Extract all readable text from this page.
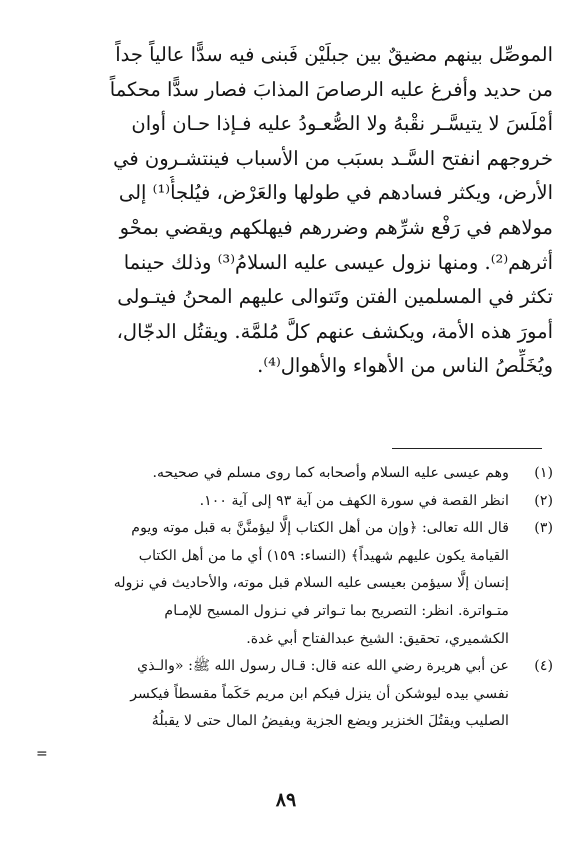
الموصِّل بينهم مضيقٌ بين جبلَيْن فَبنى فيه سدًّا عالياً جداً
من حديد وأفرغ عليه الرصاصَ المذابَ فصار سدًّا محكماً
أمْلَسَ لا يتيسَّـر نقْبهُ ولا الصُّعـودُ عليه فـإذا حـان أوان
خروجهم انفتح السَّـد بسبَب من الأسباب فينتشـرون في
الأرض، ويكثر فسادهم في طولها والعَرْض، فيُلجأُ⁽¹⁾ إلى
مولاهم في رَفْع شرِّهم وضررهم فيهلكهم ويقضي بمحْو
أثرهم⁽²⁾. ومنها نزول عيسى عليه السلامُ⁽³⁾ وذلك حينما
تكثر في المسلمين الفتن وتَتوالى عليهم المحنُ فيتـولى
أمورَ هذه الأمة، ويكشف عنهم كلَّ مُلمَّة. ويقتُل الدجّال،
ويُخَلِّصُ الناس من الأهواء والأهوال⁽⁴⁾.
(١)
وهم عيسى عليه السلام وأصحابه كما روى مسلم في صحيحه.
(٢)
انظر القصة في سورة الكهف من آية ٩٣ إلى آية ١٠٠.
(٣)
قال الله تعالى: ﴿وإن من أهل الكتاب إلَّا ليؤمنَّنَّ به قبل موته ويوم
القيامة يكون عليهم شهيداً﴾ (النساء: ١٥٩) أي ما من أهل الكتاب
إنسان إلَّا سيؤمن بعيسى عليه السلام قبل موته، والأحاديث في نزوله
متـواترة. انظر: التصريح بما تـواتر في نـزول المسيح للإمـام
الكشميري، تحقيق: الشيخ عبدالفتاح أبي غدة.
(٤)
عن أبي هريرة رضي الله عنه قال: قـال رسول الله ﷺ: «والـذي
نفسي بيده ليوشكن أن ينزل فيكم ابن مريم حَكَماً مقسطاً فيكسر
الصليب ويقتُلَ الخنزير ويضع الجزية ويفيضُ المال حتى لا يقبلُهُ
=
٨٩
